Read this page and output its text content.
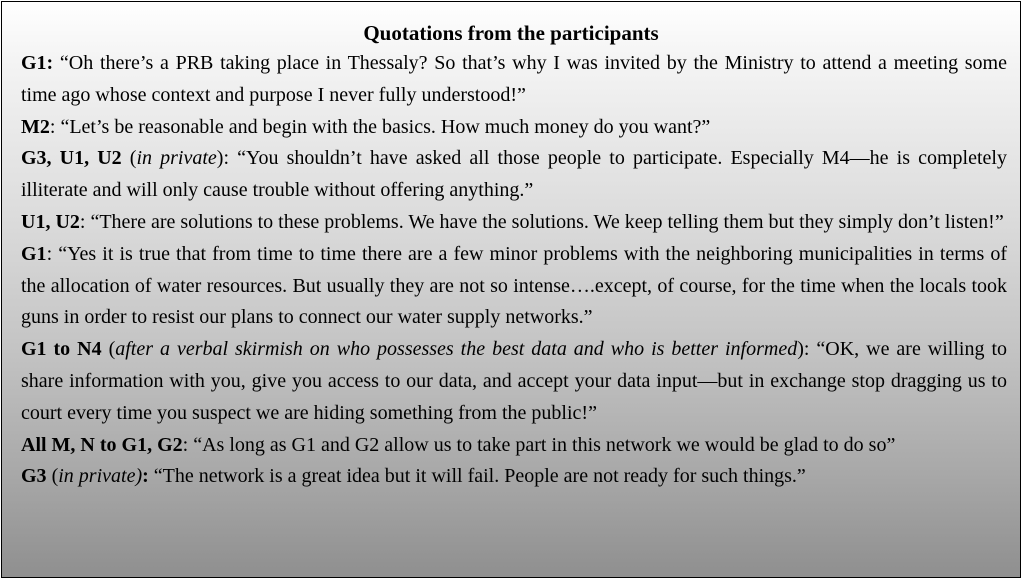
Quotations from the participants
G1: “Oh there’s a PRB taking place in Thessaly? So that’s why I was invited by the Ministry to attend a meeting some time ago whose context and purpose I never fully understood!”
M2: “Let’s be reasonable and begin with the basics. How much money do you want?”
G3, U1, U2 (in private): “You shouldn’t have asked all those people to participate. Especially M4—he is completely illiterate and will only cause trouble without offering anything.”
U1, U2: “There are solutions to these problems. We have the solutions. We keep telling them but they simply don’t listen!”
G1: “Yes it is true that from time to time there are a few minor problems with the neighboring municipalities in terms of the allocation of water resources. But usually they are not so intense….except, of course, for the time when the locals took guns in order to resist our plans to connect our water supply networks.”
G1 to N4 (after a verbal skirmish on who possesses the best data and who is better informed): “OK, we are willing to share information with you, give you access to our data, and accept your data input—but in exchange stop dragging us to court every time you suspect we are hiding something from the public!”
All M, N to G1, G2: “As long as G1 and G2 allow us to take part in this network we would be glad to do so”
G3 (in private): “The network is a great idea but it will fail. People are not ready for such things.”
